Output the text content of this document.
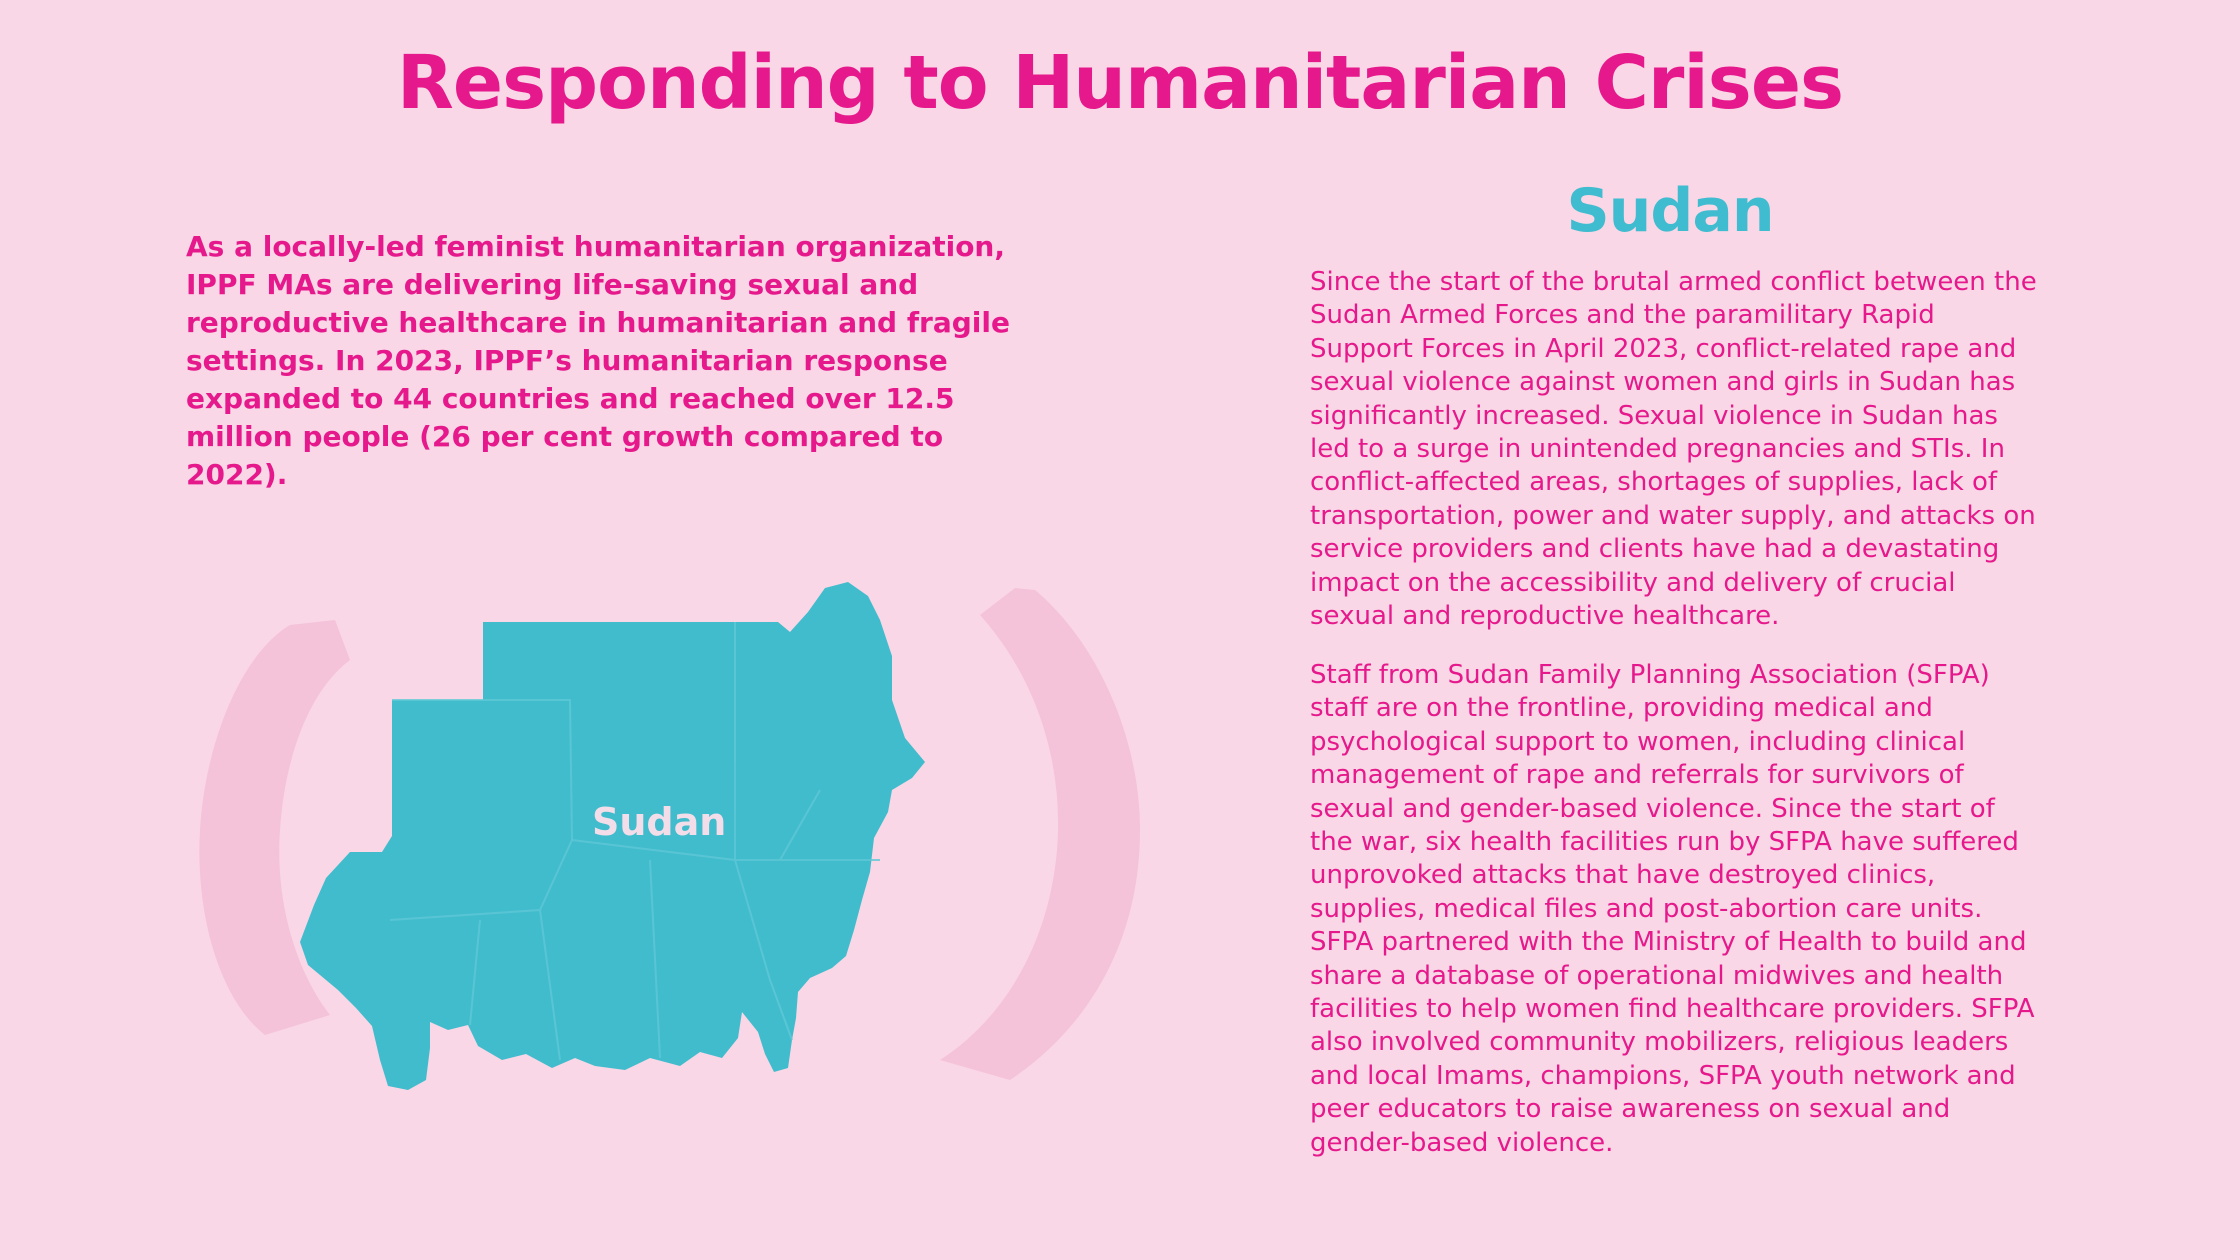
Responding to Humanitarian Crises

As a locally-led feminist humanitarian organization, IPPF MAs are delivering life-saving sexual and reproductive healthcare in humanitarian and fragile settings. In 2023, IPPF’s humanitarian response expanded to 44 countries and reached over 12.5 million people (26 per cent growth compared to 2022).

Sudan
Sudan

Since the start of the brutal armed conflict between the Sudan Armed Forces and the paramilitary Rapid Support Forces in April 2023, conflict-related rape and sexual violence against women and girls in Sudan has significantly increased. Sexual violence in Sudan has led to a surge in unintended pregnancies and STIs. In conflict-affected areas, shortages of supplies, lack of transportation, power and water supply, and attacks on service providers and clients have had a devastating impact on the accessibility and delivery of crucial sexual and reproductive healthcare.

Staff from Sudan Family Planning Association (SFPA) staff are on the frontline, providing medical and psychological support to women, including clinical management of rape and referrals for survivors of sexual and gender-based violence. Since the start of the war, six health facilities run by SFPA have suffered unprovoked attacks that have destroyed clinics, supplies, medical files and post-abortion care units. SFPA partnered with the Ministry of Health to build and share a database of operational midwives and health facilities to help women find healthcare providers. SFPA also involved community mobilizers, religious leaders and local Imams, champions, SFPA youth network and peer educators to raise awareness on sexual and gender-based violence.
